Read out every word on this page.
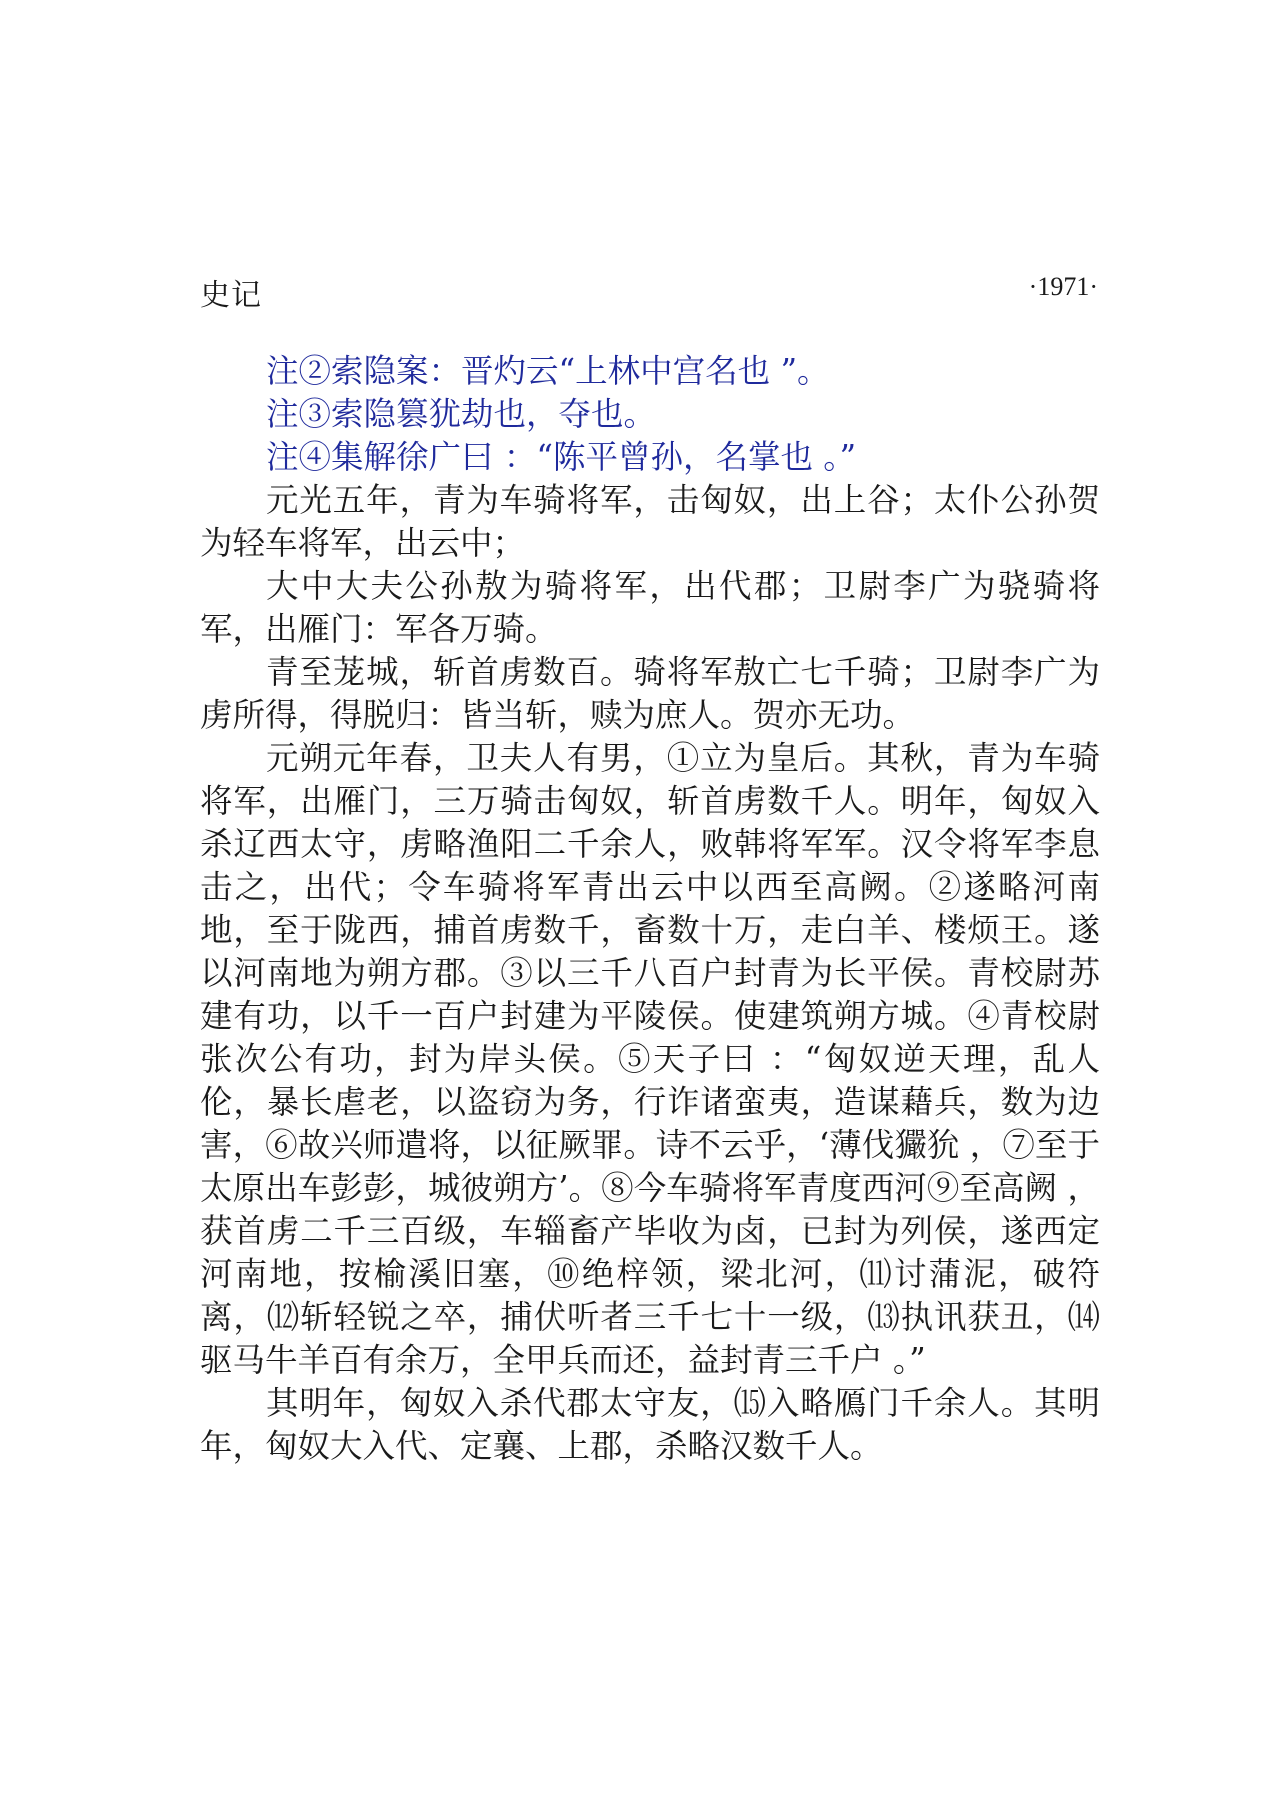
史记	·1971·

注②索隐案：晋灼云“上林中宫名也 ”。

注③索隐篡犹劫也，夺也。

注④集解徐广曰 ：“陈平曾孙，名掌也 。”

元光五年，青为车骑将军，击匈奴，出上谷；太仆公孙贺为轻车将军，出云中；

大中大夫公孙敖为骑将军，出代郡；卫尉李广为骁骑将军，出雁门：军各万骑。

青至茏城，斩首虏数百。骑将军敖亡七千骑；卫尉李广为虏所得，得脱归：皆当斩，赎为庶人。贺亦无功。

元朔元年春，卫夫人有男，①立为皇后。其秋，青为车骑将军，出雁门，三万骑击匈奴，斩首虏数千人。明年，匈奴入杀辽西太守，虏略渔阳二千余人，败韩将军军。汉令将军李息击之，出代；令车骑将军青出云中以西至高阙。②遂略河南地，至于陇西，捕首虏数千，畜数十万，走白羊、楼烦王。遂以河南地为朔方郡。③以三千八百户封青为长平侯。青校尉苏建有功，以千一百户封建为平陵侯。使建筑朔方城。④青校尉张次公有功，封为岸头侯。⑤天子曰 ：“匈奴逆天理，乱人伦，暴长虐老，以盗窃为务，行诈诸蛮夷，造谋藉兵，数为边害，⑥故兴师遣将，以征厥罪。诗不云乎，‘薄伐玁狁 ，⑦至于太原出车彭彭，城彼朔方’。⑧今车骑将军青度西河⑨至高阙 ，获首虏二千三百级，车辎畜产毕收为卤，已封为列侯，遂西定河南地，按榆溪旧塞，⑩绝梓领，梁北河，⑾讨蒲泥，破符离，⑿斩轻锐之卒，捕伏听者三千七十一级，⒀执讯获丑，⒁驱马牛羊百有余万，全甲兵而还，益封青三千户 。”

其明年，匈奴入杀代郡太守友，⒂入略鴈门千余人。其明年，匈奴大入代、定襄、上郡，杀略汉数千人。
